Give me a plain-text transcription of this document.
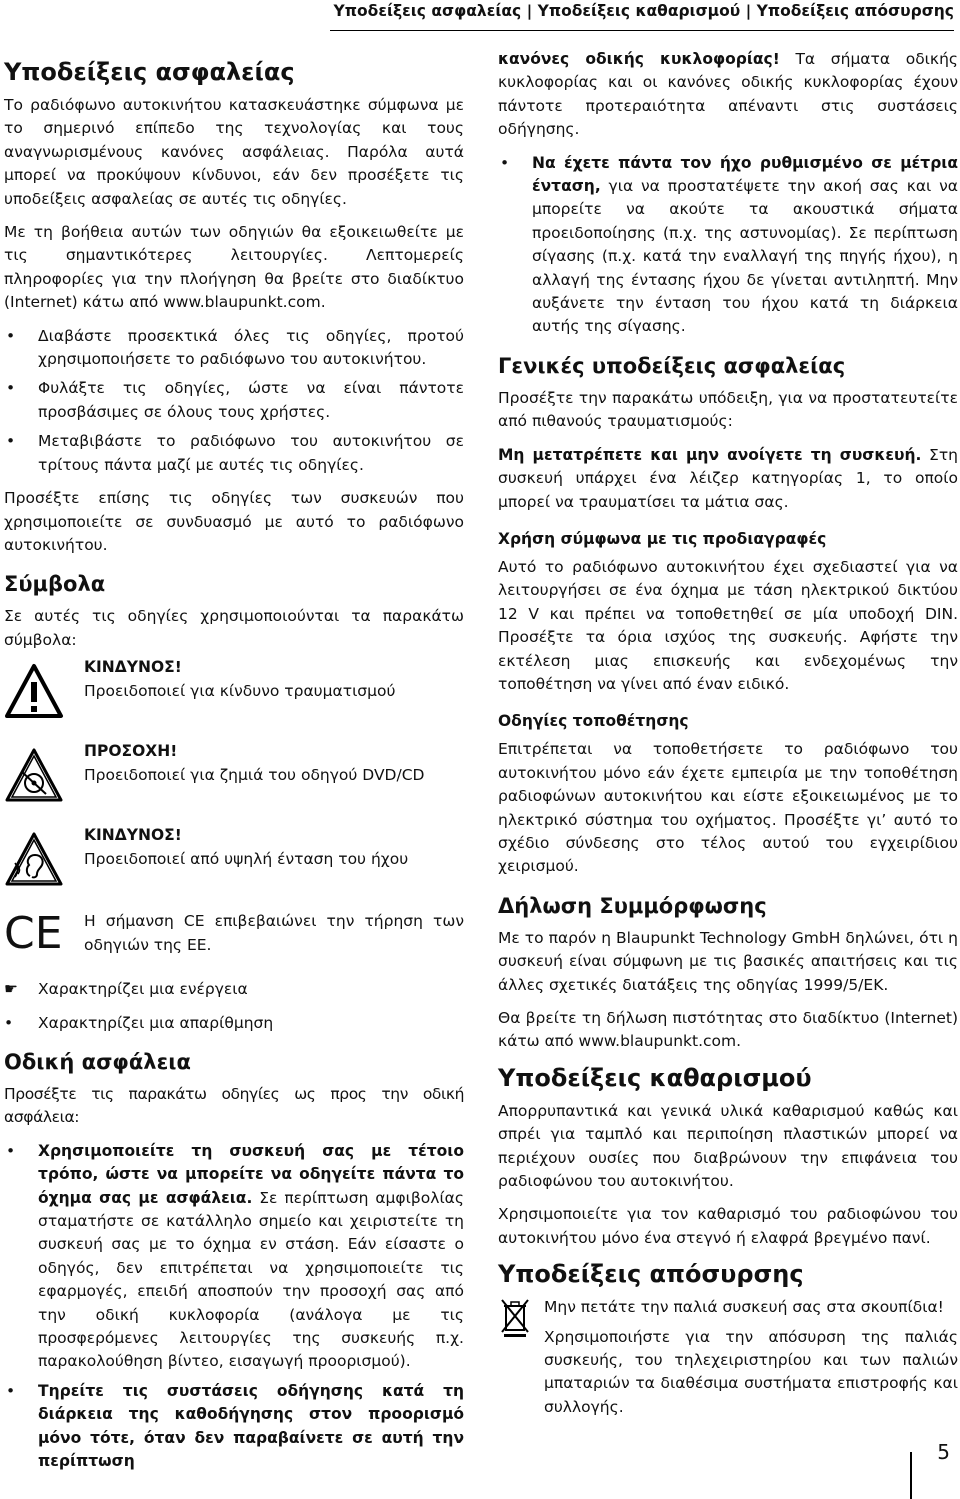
Υποδείξεις ασφαλείας | Υποδείξεις καθαρισμού | Υποδείξεις απόσυρσης
Υποδείξεις ασφαλείας

Το ραδιόφωνο αυτοκινήτου κατασκευάστηκε σύμφωνα με το σημερινό επίπεδο της τεχνολογίας και τους αναγνωρισμένους κανόνες ασφάλειας. Παρόλα αυτά μπορεί να προκύψουν κίνδυνοι, εάν δεν προσέξετε τις υποδείξεις ασφαλείας σε αυτές τις οδηγίες.

Με τη βοήθεια αυτών των οδηγιών θα εξοικειωθείτε με τις σημαντικότερες λειτουργίες. Λεπτομερείς πληροφορίες για την πλοήγηση θα βρείτε στο διαδίκτυο (Internet) κάτω από www.blaupunkt.com.

• Διαβάστε προσεκτικά όλες τις οδηγίες, προτού χρησιμοποιήσετε το ραδιόφωνο του αυτοκινήτου.
• Φυλάξτε τις οδηγίες, ώστε να είναι πάντοτε προσβάσιμες σε όλους τους χρήστες.
• Μεταβιβάστε το ραδιόφωνο του αυτοκινήτου σε τρίτους πάντα μαζί με αυτές τις οδηγίες.

Προσέξτε επίσης τις οδηγίες των συσκευών που χρησιμοποιείτε σε συνδυασμό με αυτό το ραδιόφωνο αυτοκινήτου.

Σύμβολα

Σε αυτές τις οδηγίες χρησιμοποιούνται τα παρακάτω σύμβολα:

ΚΙΝΔΥΝΟΣ!
Προειδοποιεί για κίνδυνο τραυματισμού
ΠΡΟΣΟΧΗ!
Προειδοποιεί για ζημιά του οδηγού DVD/CD
ΚΙΝΔΥΝΟΣ!
Προειδοποιεί από υψηλή ένταση του ήχου
CE Η σήμανση CE επιβεβαιώνει την τήρηση των οδηγιών της ΕΕ.
☛ Χαρακτηρίζει μια ενέργεια
• Χαρακτηρίζει μια απαρίθμηση
Οδική ασφάλεια

Προσέξτε τις παρακάτω οδηγίες ως προς την οδική ασφάλεια:

• Χρησιμοποιείτε τη συσκευή σας με τέτοιο τρόπο, ώστε να μπορείτε να οδηγείτε πάντα το όχημα σας με ασφάλεια. Σε περίπτωση αμφιβολίας σταματήστε σε κατάλληλο σημείο και χειριστείτε τη συσκευή σας με το όχημα εν στάση. Εάν είσαστε ο οδηγός, δεν επιτρέπεται να χρησιμοποιείτε τις εφαρμογές, επειδή αποσπούν την προσοχή σας από την οδική κυκλοφορία (ανάλογα με τις προσφερόμενες λειτουργίες της συσκευής π.χ. παρακολούθηση βίντεο, εισαγωγή προορισμού).
• Τηρείτε τις συστάσεις οδήγησης κατά τη διάρκεια της καθοδήγησης στον προορισμό μόνο τότε, όταν δεν παραβαίνετε σε αυτή την περίπτωση

κανόνες οδικής κυκλοφορίας! Τα σήματα οδικής κυκλοφορίας και οι κανόνες οδικής κυκλοφορίας έχουν πάντοτε προτεραιότητα απέναντι στις συστάσεις οδήγησης.

• Να έχετε πάντα τον ήχο ρυθμισμένο σε μέτρια ένταση, για να προστατέψετε την ακοή σας και να μπορείτε να ακούτε τα ακουστικά σήματα προειδοποίησης (π.χ. της αστυνομίας). Σε περίπτωση σίγασης (π.χ. κατά την εναλλαγή της πηγής ήχου), η αλλαγή της έντασης ήχου δε γίνεται αντιληπτή. Μην αυξάνετε την ένταση του ήχου κατά τη διάρκεια αυτής της σίγασης.
Γενικές υποδείξεις ασφαλείας

Προσέξτε την παρακάτω υπόδειξη, για να προστατευτείτε από πιθανούς τραυματισμούς:

Μη μετατρέπετε και μην ανοίγετε τη συσκευή. Στη συσκευή υπάρχει ένα λέιζερ κατηγορίας 1, το οποίο μπορεί να τραυματίσει τα μάτια σας.

Χρήση σύμφωνα με τις προδιαγραφές

Αυτό το ραδιόφωνο αυτοκινήτου έχει σχεδιαστεί για να λειτουργήσει σε ένα όχημα με τάση ηλεκτρικού δικτύου 12 V και πρέπει να τοποθετηθεί σε μία υποδοχή DIN. Προσέξτε τα όρια ισχύος της συσκευής. Αφήστε την εκτέλεση μιας επισκευής και ενδεχομένως την τοποθέτηση να γίνει από έναν ειδικό.

Οδηγίες τοποθέτησης

Επιτρέπεται να τοποθετήσετε το ραδιόφωνο του αυτοκινήτου μόνο εάν έχετε εμπειρία με την τοποθέτηση ραδιοφώνων αυτοκινήτου και είστε εξοικειωμένος με το ηλεκτρικό σύστημα του οχήματος. Προσέξτε γι’ αυτό το σχέδιο σύνδεσης στο τέλος αυτού του εγχειρίδιου χειρισμού.

Δήλωση Συμμόρφωσης

Με το παρόν η Blaupunkt Technology GmbH δηλώνει, ότι η συσκευή είναι σύμφωνη με τις βασικές απαιτήσεις και τις άλλες σχετικές διατάξεις της οδηγίας 1999/5/ΕΚ.

Θα βρείτε τη δήλωση πιστότητας στο διαδίκτυο (Internet) κάτω από www.blaupunkt.com.

Υποδείξεις καθαρισμού

Απορρυπαντικά και γενικά υλικά καθαρισμού καθώς και σπρέι για ταμπλό και περιποίηση πλαστικών μπορεί να περιέχουν ουσίες που διαβρώνουν την επιφάνεια του ραδιοφώνου του αυτοκινήτου.

Χρησιμοποιείτε για τον καθαρισμό του ραδιοφώνου του αυτοκινήτου μόνο ένα στεγνό ή ελαφρά βρεγμένο πανί.

Υποδείξεις απόσυρσης

Μην πετάτε την παλιά συσκευή σας στα σκουπίδια!

Χρησιμοποιήστε για την απόσυρση της παλιάς συσκευής, του τηλεχειριστηρίου και των παλιών μπαταριών τα διαθέσιμα συστήματα επιστροφής και συλλογής.

5
